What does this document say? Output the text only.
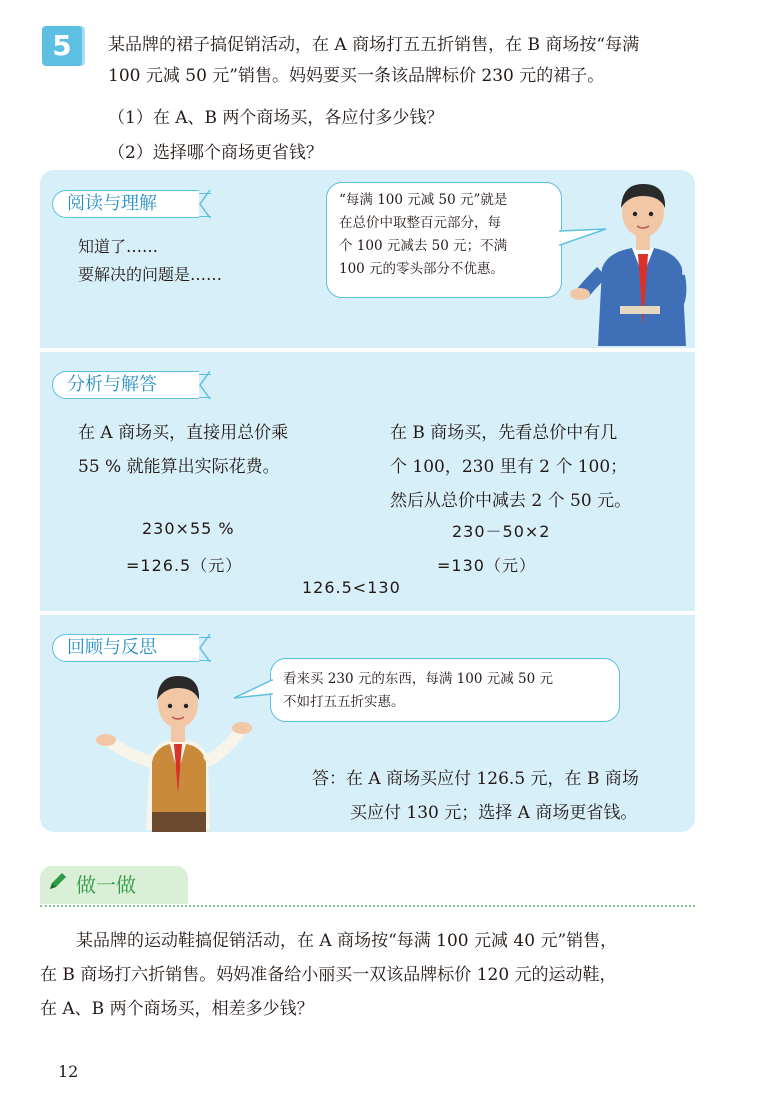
5	某品牌的裙子搞促销活动，在 A 商场打五五折销售，在 B 商场按“每满
100 元减 50 元”销售。妈妈要买一条该品牌标价 230 元的裙子。
（1）在 A、B 两个商场买，各应付多少钱？
（2）选择哪个商场更省钱？
阅读与理解
知道了……
要解决的问题是……
“每满 100 元减 50 元”就是
在总价中取整百元部分，每
个 100 元减去 50 元；不满
100 元的零头部分不优惠。
分析与解答
在 A 商场买，直接用总价乘
55 % 就能算出实际花费。
在 B 商场买，先看总价中有几
个 100，230 里有 2 个 100；
然后从总价中减去 2 个 50 元。
230×55 %
=126.5（元）
230－50×2
=130（元）
126.5<130
回顾与反思
看来买 230 元的东西，每满 100 元减 50 元
不如打五五折实惠。
答：在 A 商场买应付 126.5 元，在 B 商场
买应付 130 元；选择 A 商场更省钱。
做一做
某品牌的运动鞋搞促销活动，在 A 商场按“每满 100 元减 40 元”销售，
在 B 商场打六折销售。妈妈准备给小丽买一双该品牌标价 120 元的运动鞋，
在 A、B 两个商场买，相差多少钱？
12
